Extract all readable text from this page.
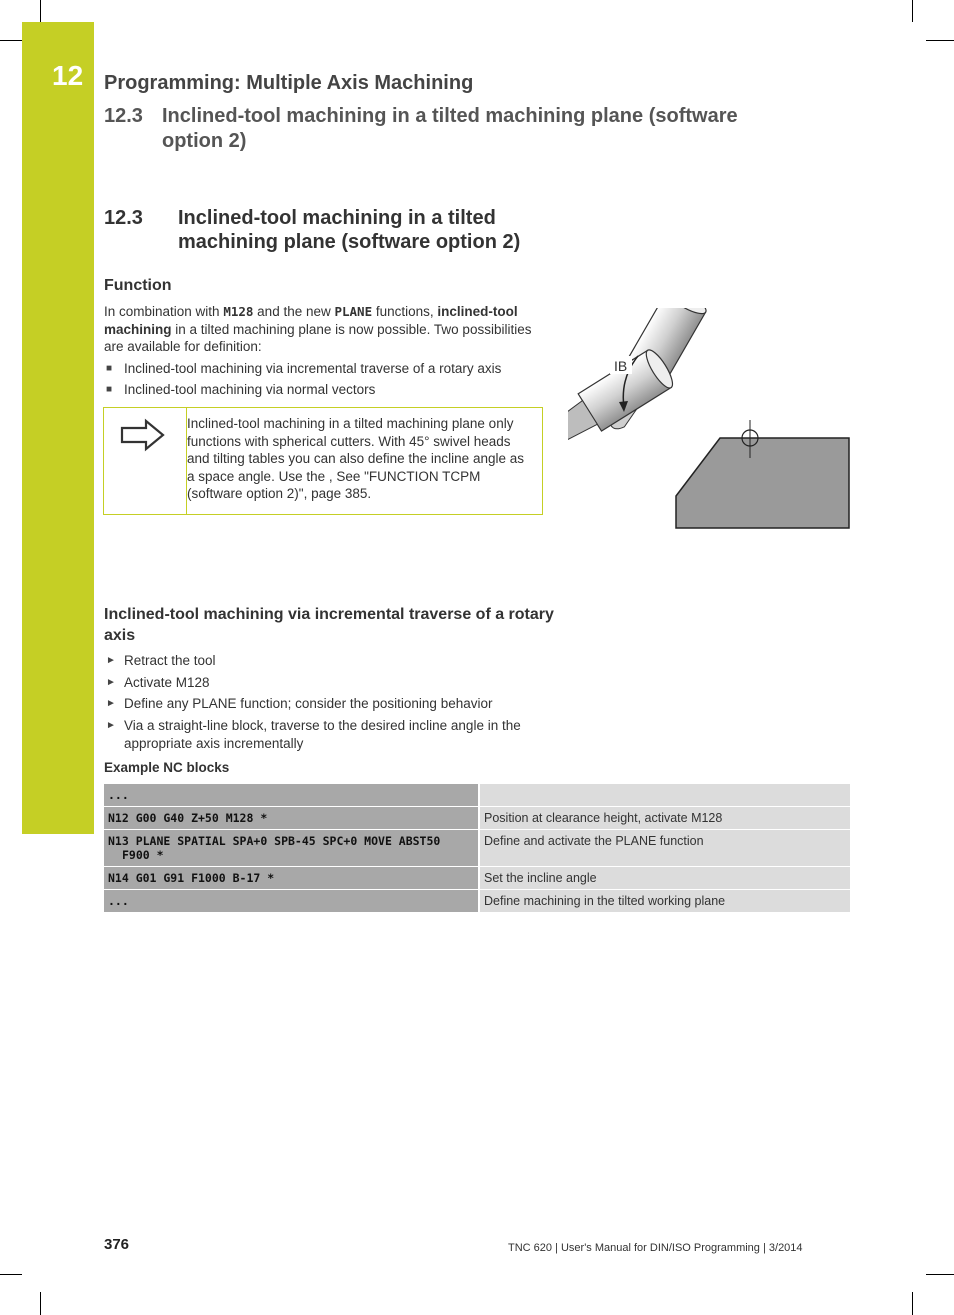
12 Programming: Multiple Axis Machining
12.3 Inclined-tool machining in a tilted machining plane (software option 2)
12.3 Inclined-tool machining in a tilted machining plane (software option 2)
Function
In combination with M128 and the new PLANE functions, inclined-tool machining in a tilted machining plane is now possible. Two possibilities are available for definition:
■ Inclined-tool machining via incremental traverse of a rotary axis
■ Inclined-tool machining via normal vectors
Inclined-tool machining in a tilted machining plane only functions with spherical cutters. With 45° swivel heads and tilting tables you can also define the incline angle as a space angle. Use the , See "FUNCTION TCPM (software option 2)", page 385.
IB
Inclined-tool machining via incremental traverse of a rotary axis
► Retract the tool
► Activate M128
► Define any PLANE function; consider the positioning behavior
► Via a straight-line block, traverse to the desired incline angle in the appropriate axis incrementally
Example NC blocks
...	
N12 G00 G40 Z+50 M128 *	Position at clearance height, activate M128
N13 PLANE SPATIAL SPA+0 SPB-45 SPC+0 MOVE ABST50
F900 *	Define and activate the PLANE function
N14 G01 G91 F1000 B-17 *	Set the incline angle
...	Define machining in the tilted working plane
376	TNC 620 | User's Manual for DIN/ISO Programming | 3/2014
